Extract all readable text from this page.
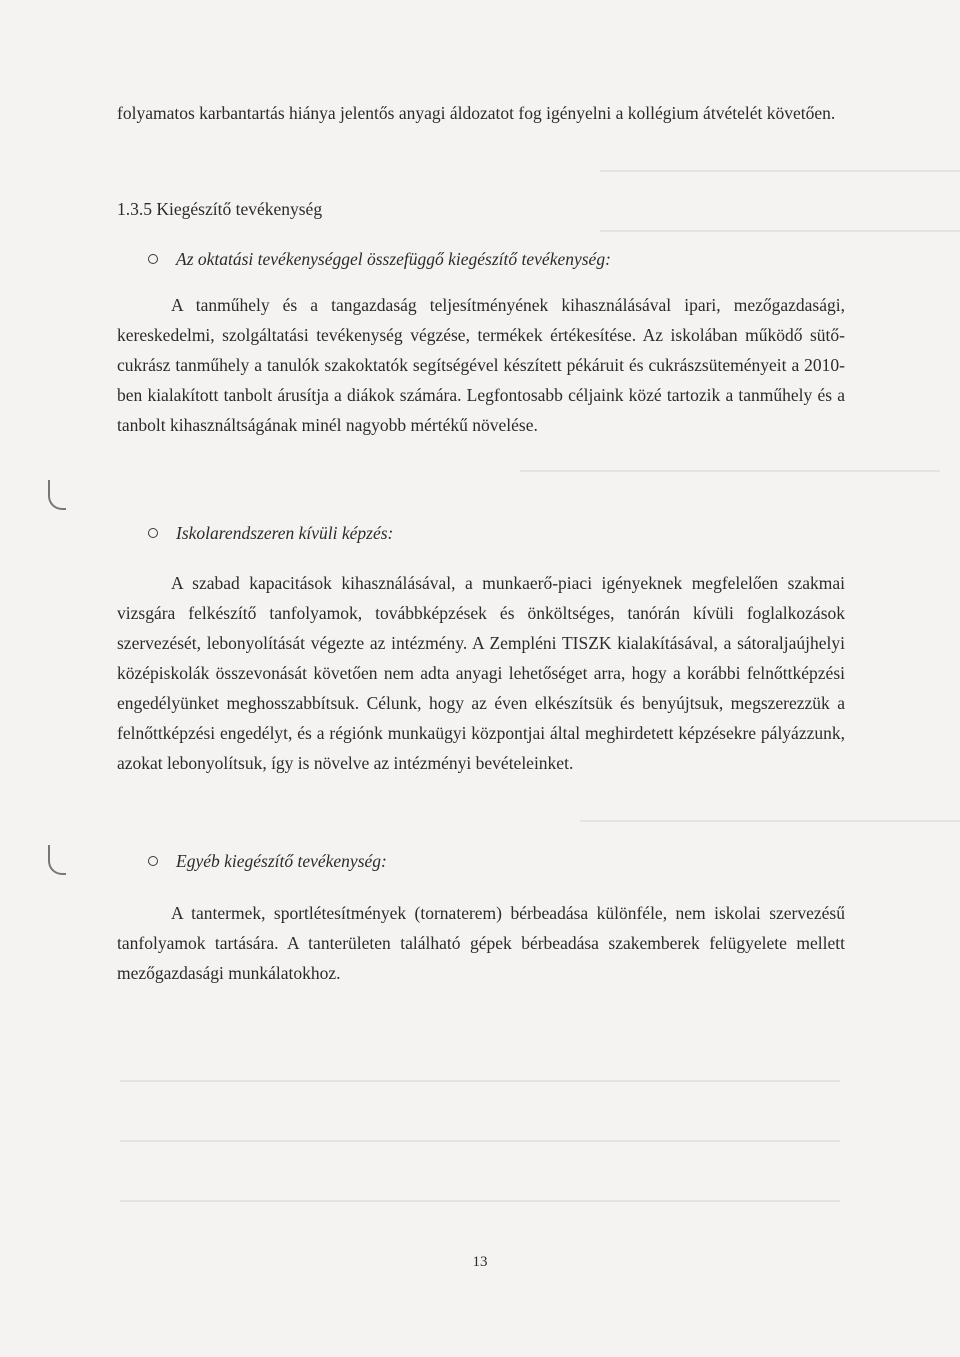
folyamatos karbantartás hiánya jelentős anyagi áldozatot fog igényelni a kollégium átvételét követően.

1.3.5 Kiegészítő tevékenység

Az oktatási tevékenységgel összefüggő kiegészítő tevékenység:

A tanműhely és a tangazdaság teljesítményének kihasználásával ipari, mezőgazdasági, kereskedelmi, szolgáltatási tevékenység végzése, termékek értékesítése. Az iskolában működő sütő-cukrász tanműhely a tanulók szakoktatók segítségével készített pékáruit és cukrászsüteményeit a 2010-ben kialakított tanbolt árusítja a diákok számára. Legfontosabb céljaink közé tartozik a tanműhely és a tanbolt kihasználtságának minél nagyobb mértékű növelése.

Iskolarendszeren kívüli képzés:

A szabad kapacitások kihasználásával, a munkaerő-piaci igényeknek megfelelően szakmai vizsgára felkészítő tanfolyamok, továbbképzések és önköltséges, tanórán kívüli foglalkozások szervezését, lebonyolítását végezte az intézmény. A Zempléni TISZK kialakításával, a sátoraljaújhelyi középiskolák összevonását követően nem adta anyagi lehetőséget arra, hogy a korábbi felnőttképzési engedélyünket meghosszabbítsuk. Célunk, hogy az éven elkészítsük és benyújtsuk, megszerezzük a felnőttképzési engedélyt, és a régiónk munkaügyi központjai által meghirdetett képzésekre pályázzunk, azokat lebonyolítsuk, így is növelve az intézményi bevételeinket.

Egyéb kiegészítő tevékenység:

A tantermek, sportlétesítmények (tornaterem) bérbeadása különféle, nem iskolai szervezésű tanfolyamok tartására. A tanterületen található gépek bérbeadása szakemberek felügyelete mellett mezőgazdasági munkálatokhoz.

13
